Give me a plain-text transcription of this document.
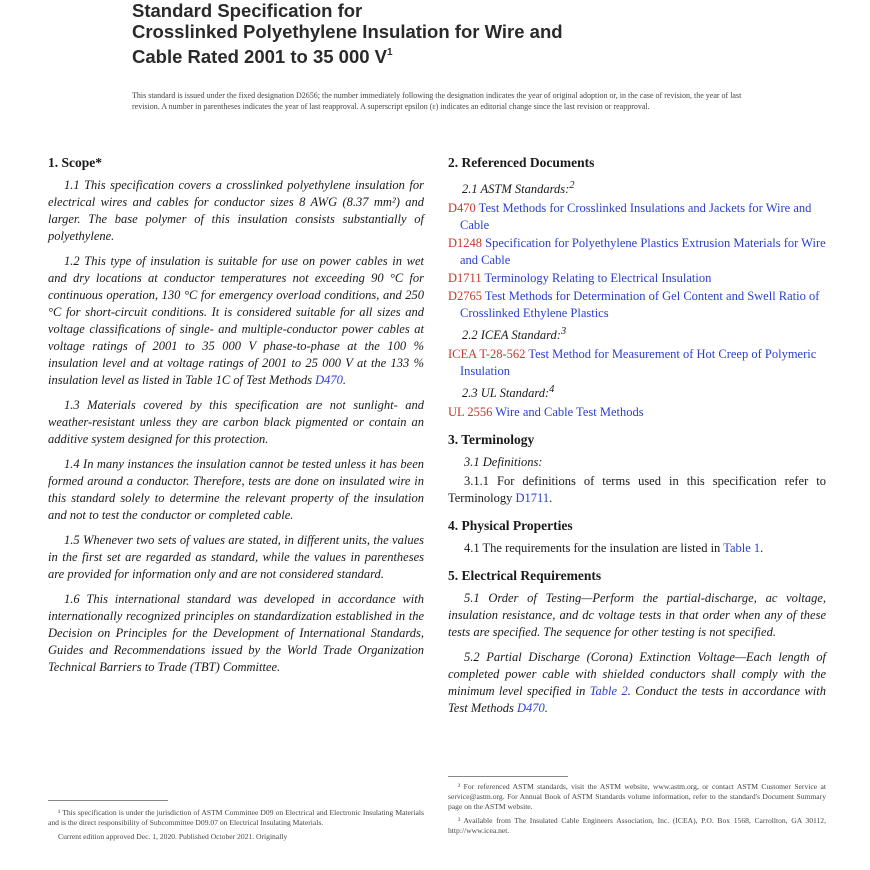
Standard Specification for
Crosslinked Polyethylene Insulation for Wire and
Cable Rated 2001 to 35 000 $V^1$
This standard is issued under the fixed designation D2656; the number immediately following the designation indicates the year of original adoption or, in the case of revision, the year of last revision. A number in parentheses indicates the year of last reapproval. A superscript epsilon (ε) indicates an editorial change since the last revision or reapproval.
1. Scope*

1.1 This specification covers a crosslinked polyethylene insulation for electrical wires and cables for conductor sizes 8 AWG (8.37 mm²) and larger. The base polymer of this insulation consists substantially of polyethylene.

1.2 This type of insulation is suitable for use on power cables in wet and dry locations at conductor temperatures not exceeding 90 °C for continuous operation, 130 °C for emergency overload conditions, and 250 °C for short-circuit conditions. It is considered suitable for all sizes and voltage classifications of single- and multiple-conductor power cables at voltage ratings of 2001 to 35 000 V phase-to-phase at the 100 % insulation level and at voltage ratings of 2001 to 25 000 V at the 133 % insulation level as listed in Table 1C of Test Methods D470.

1.3 Materials covered by this specification are not sunlight- and weather-resistant unless they are carbon black pigmented or contain an additive system designed for this protection.

1.4 In many instances the insulation cannot be tested unless it has been formed around a conductor. Therefore, tests are done on insulated wire in this standard solely to determine the relevant property of the insulation and not to test the conductor or completed cable.

1.5 Whenever two sets of values are stated, in different units, the values in the first set are regarded as standard, while the values in parentheses are provided for information only and are not considered standard.

1.6 This international standard was developed in accordance with internationally recognized principles on standardization established in the Decision on Principles for the Development of International Standards, Guides and Recommendations issued by the World Trade Organization Technical Barriers to Trade (TBT) Committee.

2. Referenced Documents

2.1 ASTM Standards:$^2$

D470 Test Methods for Crosslinked Insulations and Jackets for Wire and Cable
D1248 Specification for Polyethylene Plastics Extrusion Materials for Wire and Cable
D1711 Terminology Relating to Electrical Insulation
D2765 Test Methods for Determination of Gel Content and Swell Ratio of Crosslinked Ethylene Plastics

2.2 ICEA Standard:$^3$

ICEA T-28-562 Test Method for Measurement of Hot Creep of Polymeric Insulation

2.3 UL Standard:$^4$

UL 2556 Wire and Cable Test Methods
3. Terminology

3.1 Definitions:

3.1.1 For definitions of terms used in this specification refer to Terminology D1711.

4. Physical Properties

4.1 The requirements for the insulation are listed in Table 1.

5. Electrical Requirements

5.1 Order of Testing—Perform the partial-discharge, ac voltage, insulation resistance, and dc voltage tests in that order when any of these tests are specified. The sequence for other testing is not specified.

5.2 Partial Discharge (Corona) Extinction Voltage—Each length of completed power cable with shielded conductors shall comply with the minimum level specified in Table 2. Conduct the tests in accordance with Test Methods D470.

¹ This specification is under the jurisdiction of ASTM Committee D09 on Electrical and Electronic Insulating Materials and is the direct responsibility of Subcommittee D09.07 on Electrical Insulating Materials.

Current edition approved Dec. 1, 2020. Published October 2021. Originally

² For referenced ASTM standards, visit the ASTM website, www.astm.org, or contact ASTM Customer Service at service@astm.org. For Annual Book of ASTM Standards volume information, refer to the standard's Document Summary page on the ASTM website.

³ Available from The Insulated Cable Engineers Association, Inc. (ICEA), P.O. Box 1568, Carrollton, GA 30112, http://www.icea.net.
